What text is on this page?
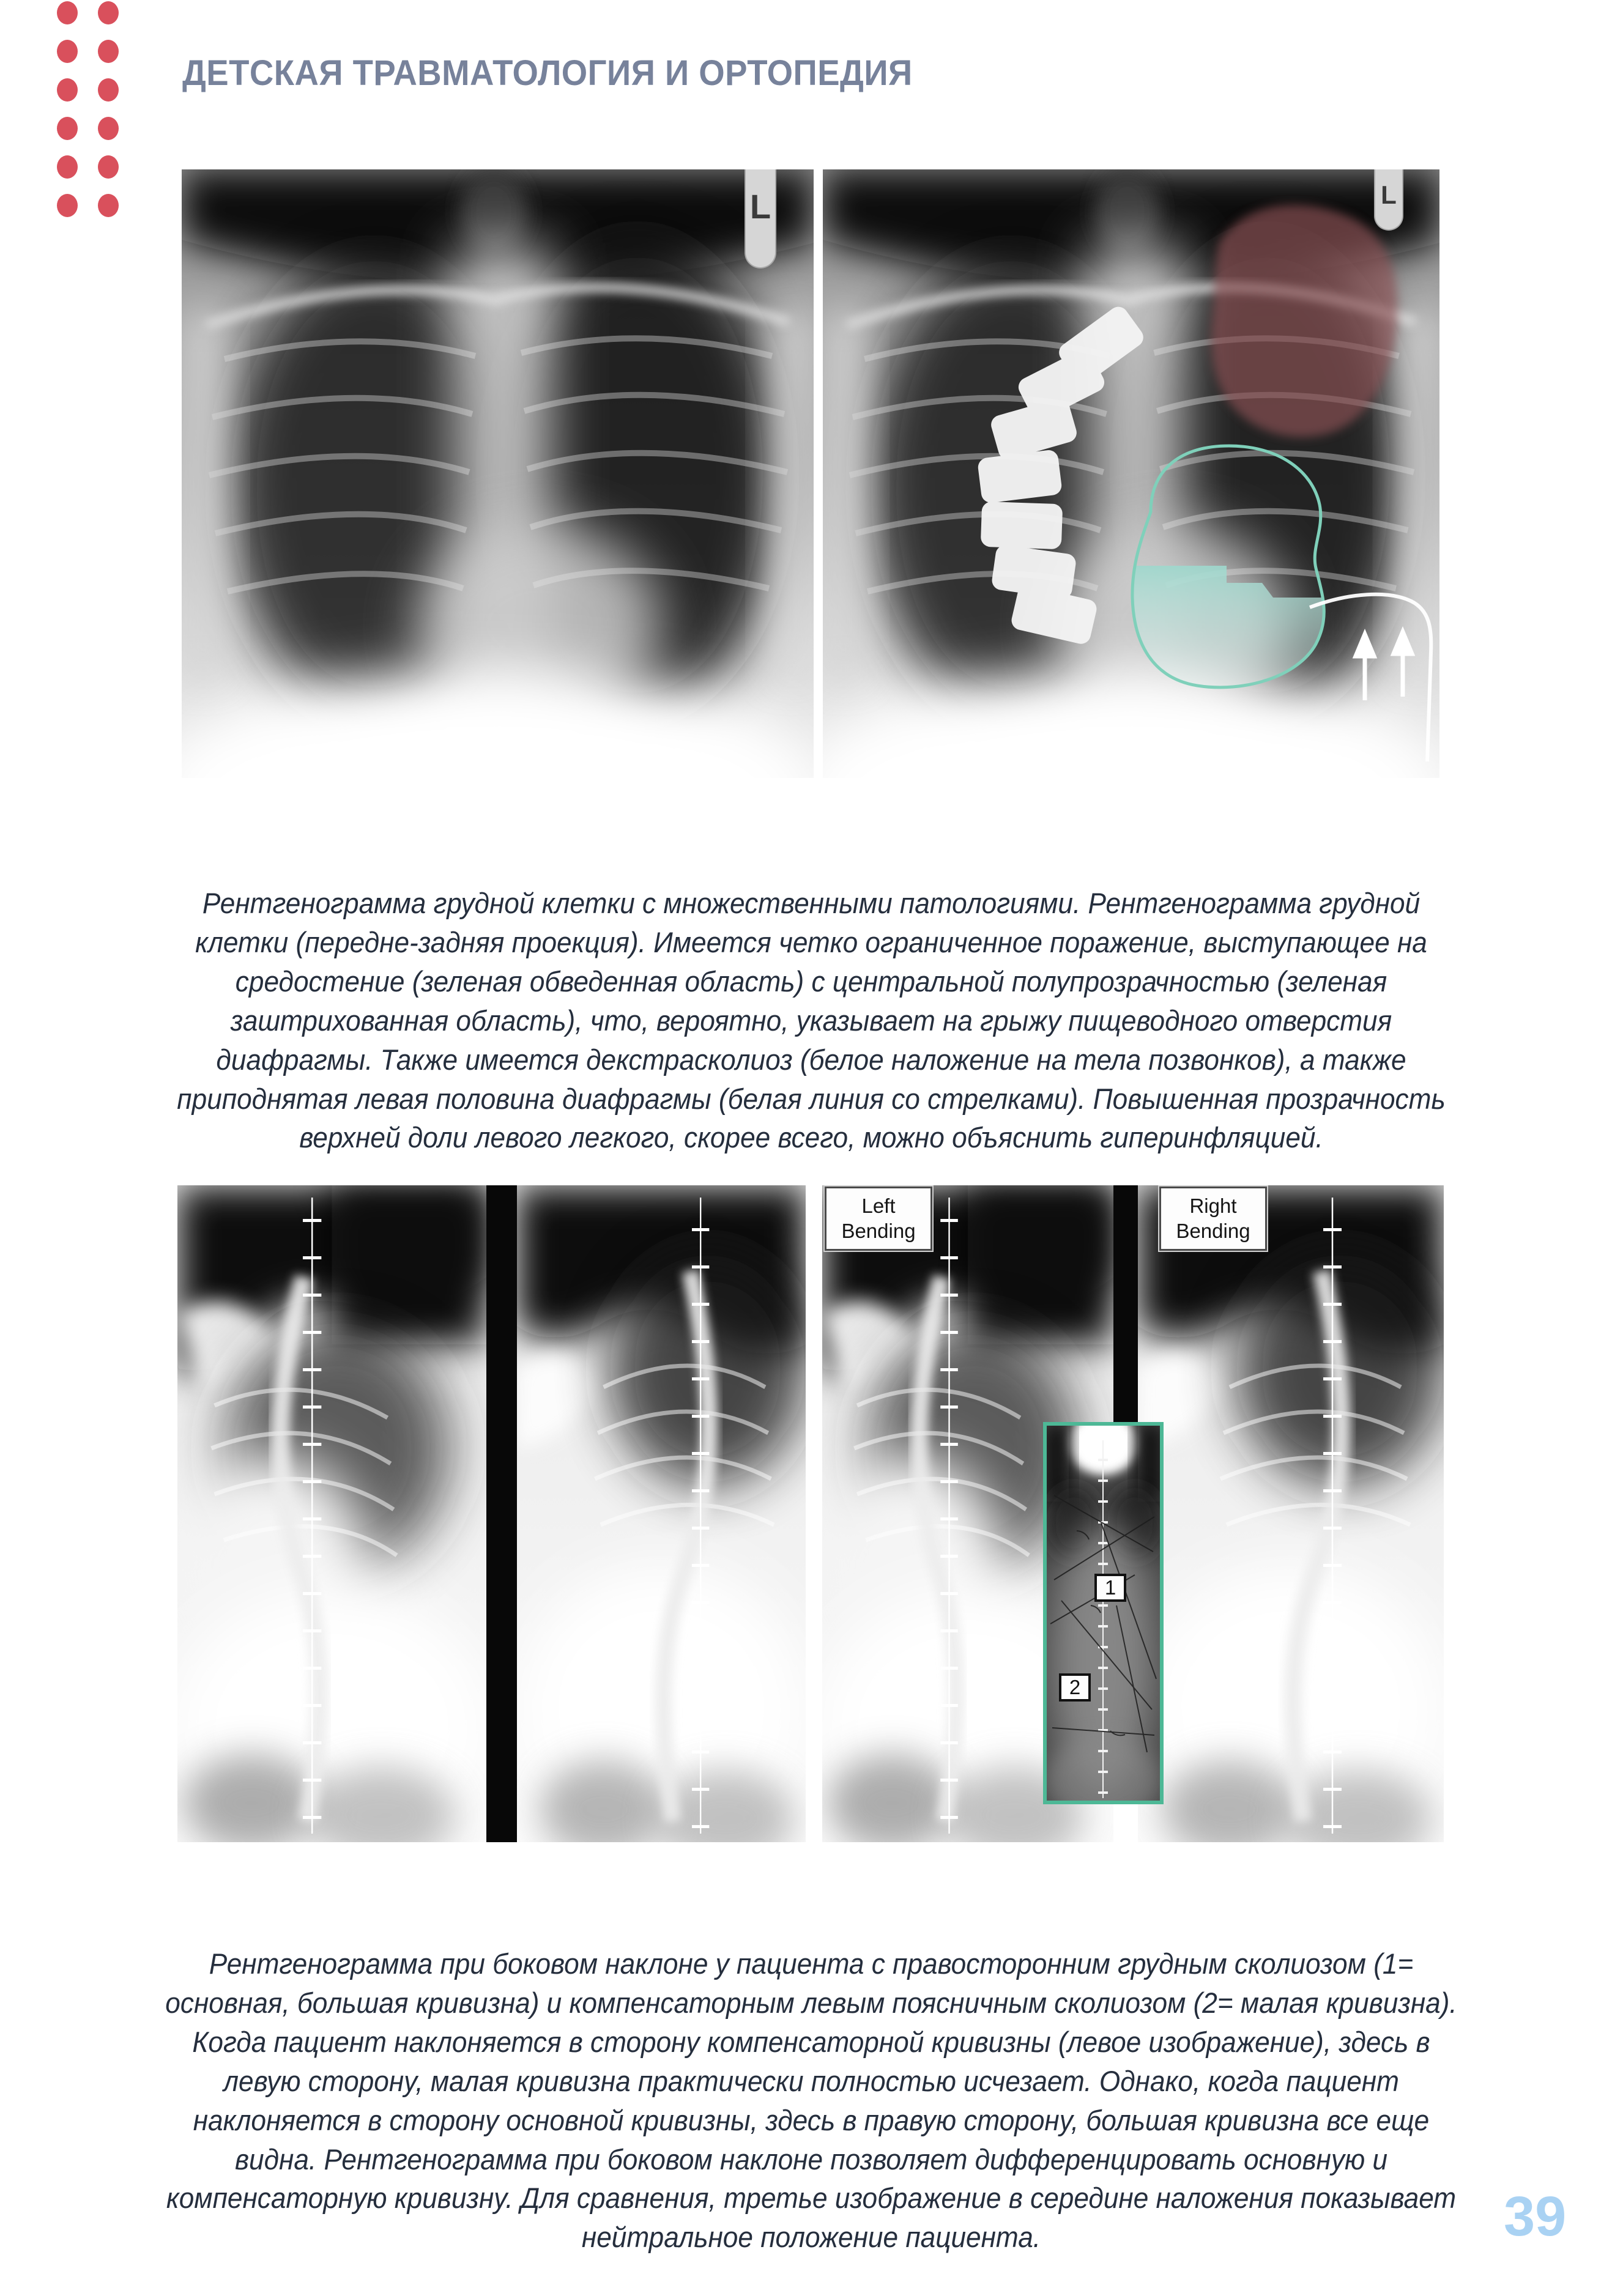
ДЕТСКАЯ ТРАВМАТОЛОГИЯ И ОРТОПЕДИЯ
L	L

Рентгенограмма грудной клетки с множественными патологиями. Рентгенограмма грудной клетки (передне-задняя проекция). Имеется четко ограниченное поражение, выступающее на средостение (зеленая обведенная область) с центральной полупрозрачностью (зеленая заштрихованная область), что, вероятно, указывает на грыжу пищеводного отверстия диафрагмы. Также имеется декстрасколиоз (белое наложение на тела позвонков), а также приподнятая левая половина диафрагмы (белая линия со стрелками). Повышенная прозрачность верхней доли левого легкого, скорее всего, можно объяснить гиперинфляцией.

Left Bending
Right Bending
1
2

Рентгенограмма при боковом наклоне у пациента с правосторонним грудным сколиозом (1= основная, большая кривизна) и компенсаторным левым поясничным сколиозом (2= малая кривизна). Когда пациент наклоняется в сторону компенсаторной кривизны (левое изображение), здесь в левую сторону, малая кривизна практически полностью исчезает. Однако, когда пациент наклоняется в сторону основной кривизны, здесь в правую сторону, большая кривизна все еще видна. Рентгенограмма при боковом наклоне позволяет дифференцировать основную и компенсаторную кривизну. Для сравнения, третье изображение в середине наложения показывает нейтральное положение пациента.	39
